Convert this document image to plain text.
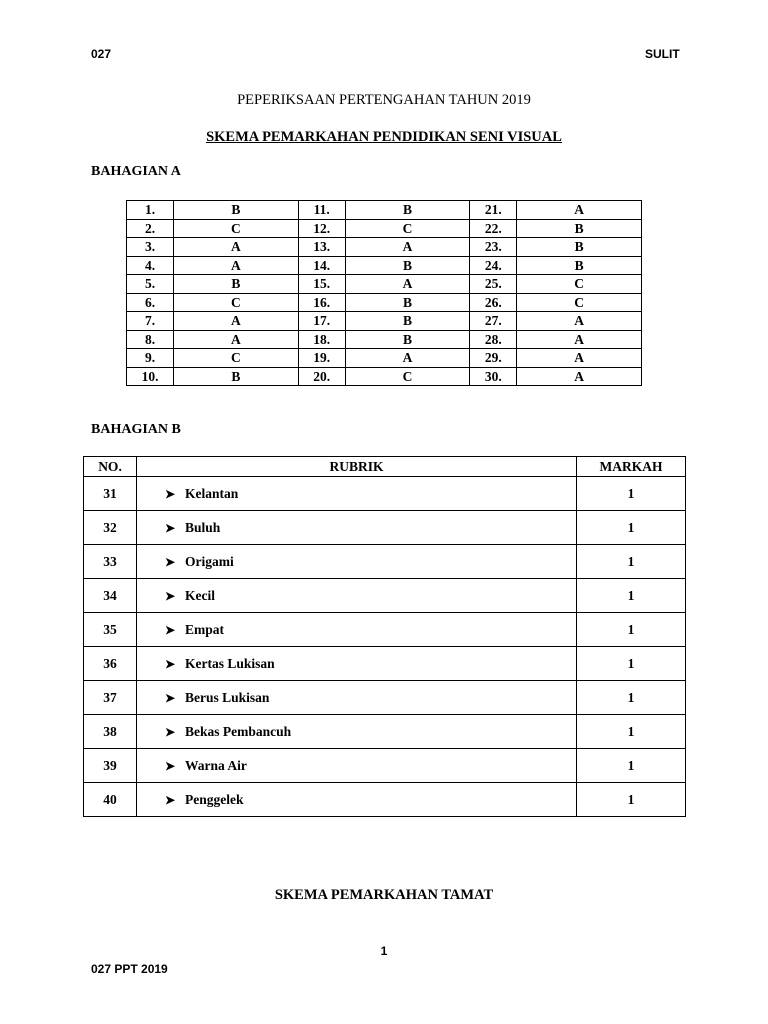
027	SULIT
PEPERIKSAAN PERTENGAHAN TAHUN 2019
SKEMA PEMARKAHAN PENDIDIKAN SENI VISUAL
BAHAGIAN A
1.	B	11.	B	21.	A
2.	C	12.	C	22.	B
3.	A	13.	A	23.	B
4.	A	14.	B	24.	B
5.	B	15.	A	25.	C
6.	C	16.	B	26.	C
7.	A	17.	B	27.	A
8.	A	18.	B	28.	A
9.	C	19.	A	29.	A
10.	B	20.	C	30.	A
BAHAGIAN B
NO.	RUBRIK	MARKAH
31	➤ Kelantan	1
32	➤ Buluh	1
33	➤ Origami	1
34	➤ Kecil	1
35	➤ Empat	1
36	➤ Kertas Lukisan	1
37	➤ Berus Lukisan	1
38	➤ Bekas Pembancuh	1
39	➤ Warna Air	1
40	➤ Penggelek	1
SKEMA PEMARKAHAN TAMAT
1
027 PPT 2019
